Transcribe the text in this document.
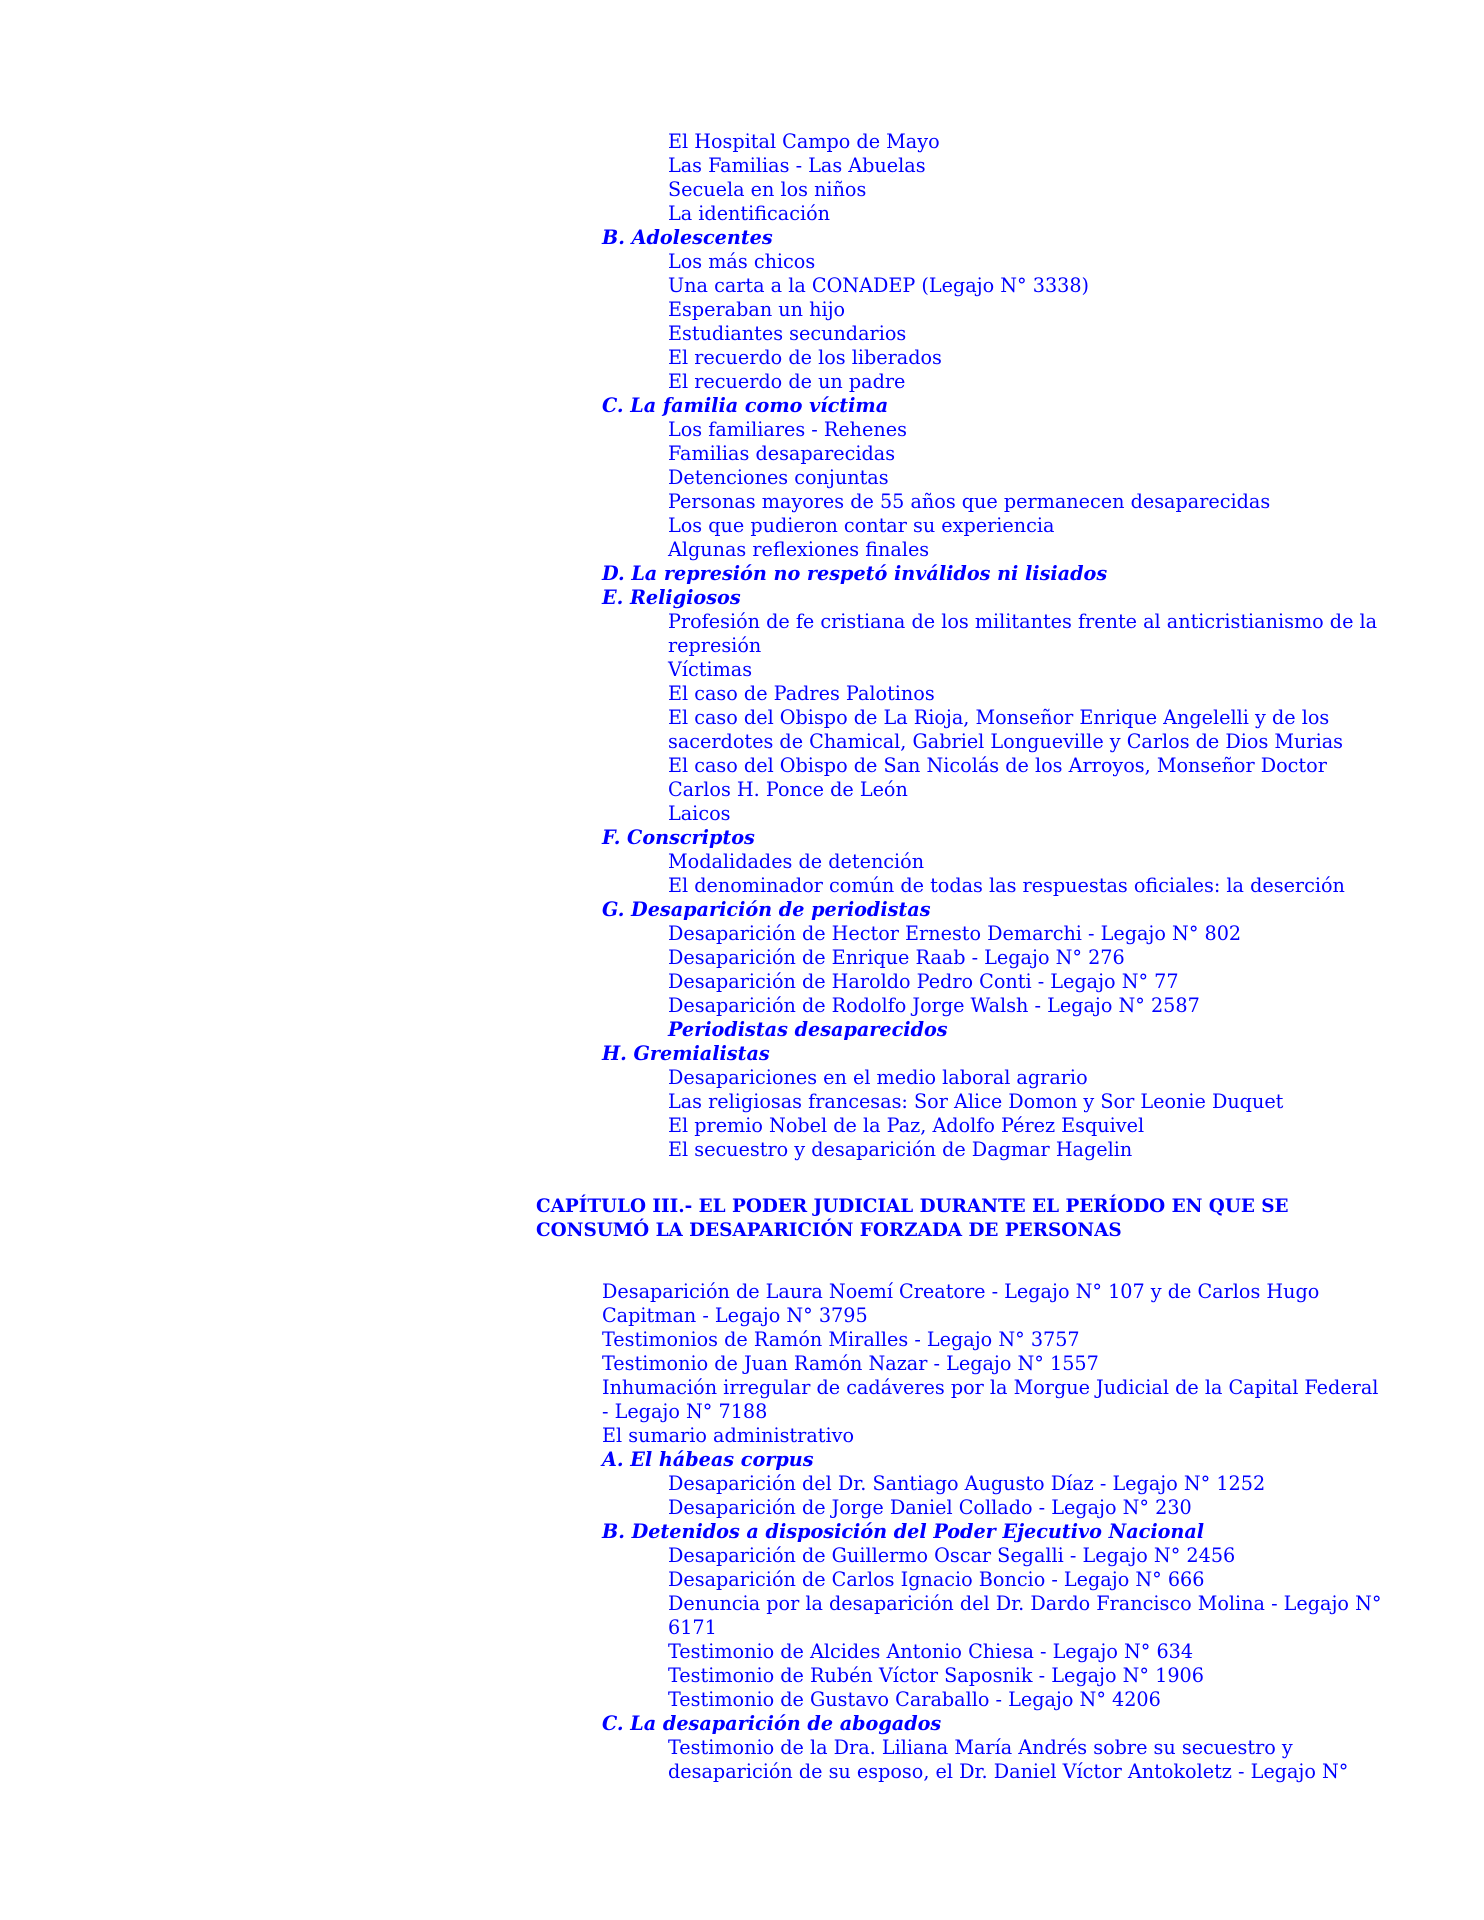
El Hospital Campo de Mayo
Las Familias - Las Abuelas
Secuela en los niños
La identificación
B. Adolescentes
Los más chicos
Una carta a la CONADEP (Legajo N° 3338)
Esperaban un hijo
Estudiantes secundarios
El recuerdo de los liberados
El recuerdo de un padre
C. La familia como víctima
Los familiares - Rehenes
Familias desaparecidas
Detenciones conjuntas
Personas mayores de 55 años que permanecen desaparecidas
Los que pudieron contar su experiencia
Algunas reflexiones finales
D. La represión no respetó inválidos ni lisiados
E. Religiosos
Profesión de fe cristiana de los militantes frente al anticristianismo de la
represión
Víctimas
El caso de Padres Palotinos
El caso del Obispo de La Rioja, Monseñor Enrique Angelelli y de los
sacerdotes de Chamical, Gabriel Longueville y Carlos de Dios Murias
El caso del Obispo de San Nicolás de los Arroyos, Monseñor Doctor
Carlos H. Ponce de León
Laicos
F. Conscriptos
Modalidades de detención
El denominador común de todas las respuestas oficiales: la deserción
G. Desaparición de periodistas
Desaparición de Hector Ernesto Demarchi - Legajo N° 802
Desaparición de Enrique Raab - Legajo N° 276
Desaparición de Haroldo Pedro Conti - Legajo N° 77
Desaparición de Rodolfo Jorge Walsh - Legajo N° 2587
Periodistas desaparecidos
H. Gremialistas
Desapariciones en el medio laboral agrario
Las religiosas francesas: Sor Alice Domon y Sor Leonie Duquet
El premio Nobel de la Paz, Adolfo Pérez Esquivel
El secuestro y desaparición de Dagmar Hagelin
CAPÍTULO III.- EL PODER JUDICIAL DURANTE EL PERÍODO EN QUE SE
CONSUMÓ LA DESAPARICIÓN FORZADA DE PERSONAS
Desaparición de Laura Noemí Creatore - Legajo N° 107 y de Carlos Hugo
Capitman - Legajo N° 3795
Testimonios de Ramón Miralles - Legajo N° 3757
Testimonio de Juan Ramón Nazar - Legajo N° 1557
Inhumación irregular de cadáveres por la Morgue Judicial de la Capital Federal
- Legajo N° 7188
El sumario administrativo
A. El hábeas corpus
Desaparición del Dr. Santiago Augusto Díaz - Legajo N° 1252
Desaparición de Jorge Daniel Collado - Legajo N° 230
B. Detenidos a disposición del Poder Ejecutivo Nacional
Desaparición de Guillermo Oscar Segalli - Legajo N° 2456
Desaparición de Carlos Ignacio Boncio - Legajo N° 666
Denuncia por la desaparición del Dr. Dardo Francisco Molina - Legajo N°
6171
Testimonio de Alcides Antonio Chiesa - Legajo N° 634
Testimonio de Rubén Víctor Saposnik - Legajo N° 1906
Testimonio de Gustavo Caraballo - Legajo N° 4206
C. La desaparición de abogados
Testimonio de la Dra. Liliana María Andrés sobre su secuestro y
desaparición de su esposo, el Dr. Daniel Víctor Antokoletz - Legajo N°
